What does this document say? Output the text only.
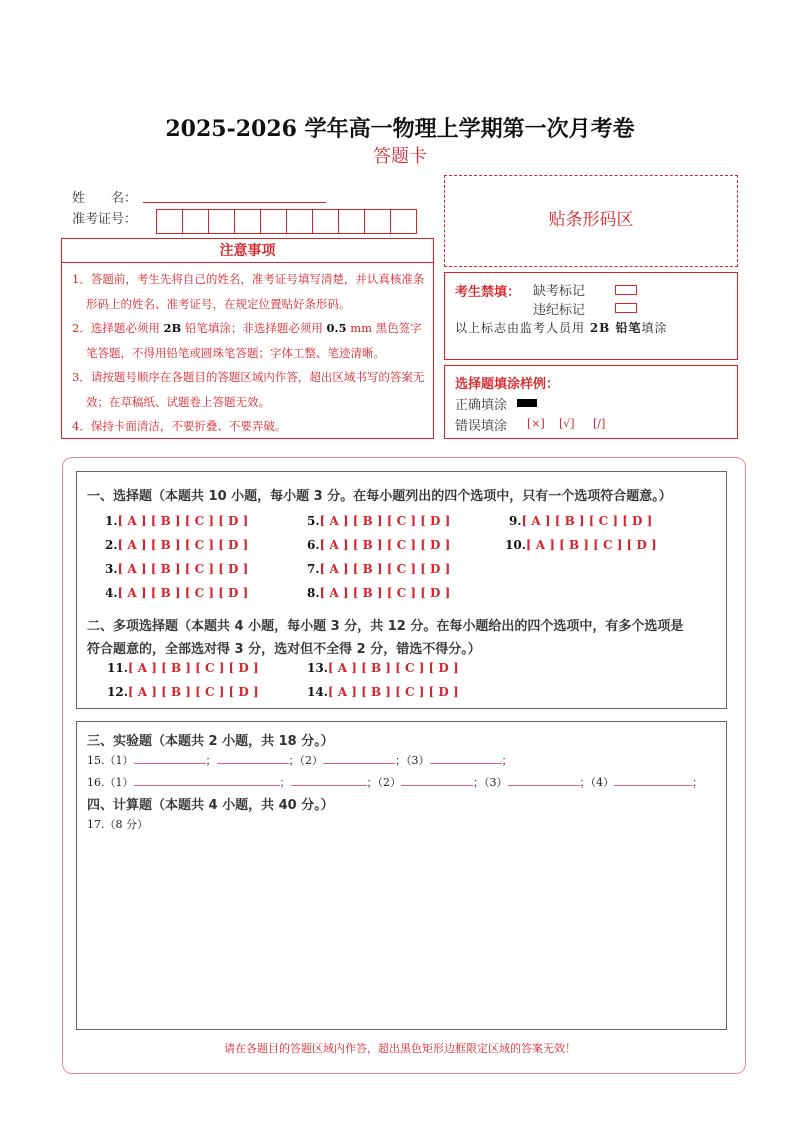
2025-2026 学年高一物理上学期第一次月考卷
答题卡
姓　　名：
准考证号：
注意事项

1．答题前，考生先将自己的姓名，准考证号填写清楚，并认真核准条形码上的姓名、准考证号，在规定位置贴好条形码。

2．选择题必须用 2B 铅笔填涂；非选择题必须用 0.5 mm 黑色签字笔答题，不得用铅笔或圆珠笔答题；字体工整、笔迹清晰。

3．请按题号顺序在各题目的答题区域内作答，超出区域书写的答案无效；在草稿纸、试题卷上答题无效。

4．保持卡面清洁，不要折叠、不要弄破。

贴条形码区
考生禁填： 缺考标记
违纪标记
以上标志由监考人员用 2B 铅笔填涂
选择题填涂样例：
正确填涂
错误填涂 [×] [√] [/]
一、选择题（本题共 10 小题，每小题 3 分。在每小题列出的四个选项中，只有一个选项符合题意。）
1.[ A ] [ B ] [ C ] [ D ]
2.[ A ] [ B ] [ C ] [ D ]
3.[ A ] [ B ] [ C ] [ D ]
4.[ A ] [ B ] [ C ] [ D ]
5.[ A ] [ B ] [ C ] [ D ]
6.[ A ] [ B ] [ C ] [ D ]
7.[ A ] [ B ] [ C ] [ D ]
8.[ A ] [ B ] [ C ] [ D ]
9.[ A ] [ B ] [ C ] [ D ]
10.[ A ] [ B ] [ C ] [ D ]
二、多项选择题（本题共 4 小题，每小题 3 分，共 12 分。在每小题给出的四个选项中，有多个选项是
符合题意的，全部选对得 3 分，选对但不全得 2 分，错选不得分。）
11.[ A ] [ B ] [ C ] [ D ]
12.[ A ] [ B ] [ C ] [ D ]
13.[ A ] [ B ] [ C ] [ D ]
14.[ A ] [ B ] [ C ] [ D ]
三、实验题（本题共 2 小题，共 18 分。）
15.（1）	；	；（2）	；（3）	；
16.（1）	；	；（2）	；（3）	；（4）	；
四、计算题（本题共 4 小题，共 40 分。）
17.（8 分）
请在各题目的答题区域内作答，超出黑色矩形边框限定区域的答案无效！
